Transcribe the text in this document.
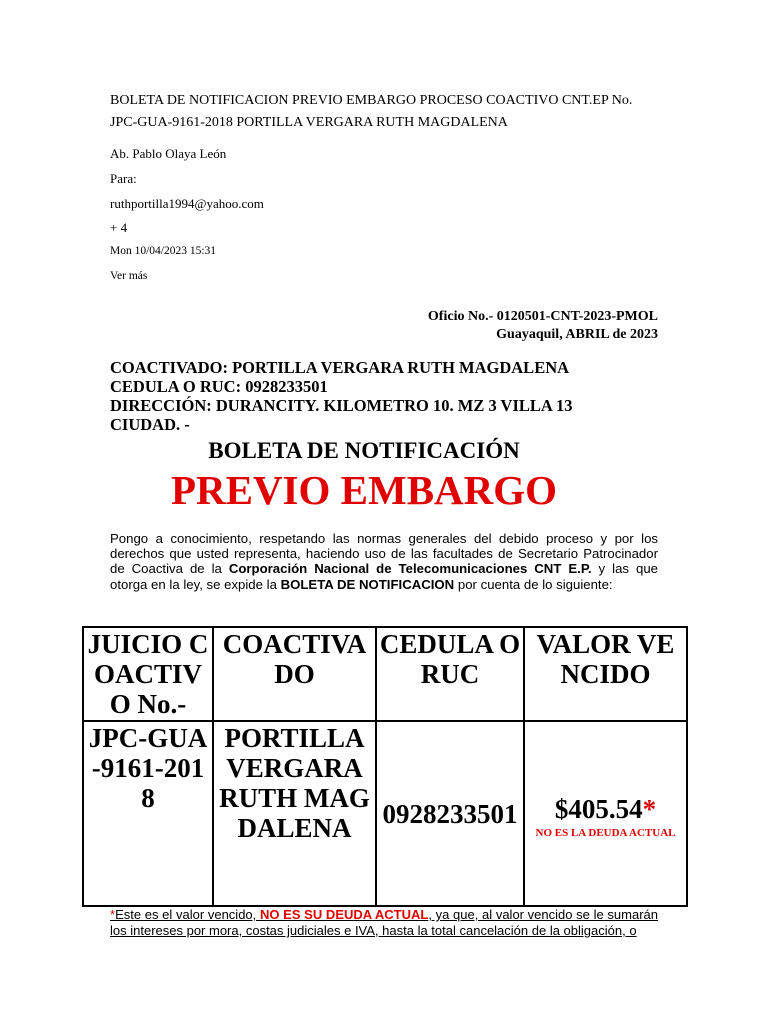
BOLETA DE NOTIFICACION PREVIO EMBARGO PROCESO COACTIVO CNT.EP No.
JPC-GUA-9161-2018 PORTILLA VERGARA RUTH MAGDALENA
Ab. Pablo Olaya León
Para:
ruthportilla1994@yahoo.com
+ 4
Mon 10/04/2023 15:31
Ver más
Oficio No.- 0120501-CNT-2023-PMOL
Guayaquil, ABRIL de 2023
COACTIVADO: PORTILLA VERGARA RUTH MAGDALENA
CEDULA O RUC: 0928233501
DIRECCIÓN: DURANCITY. KILOMETRO 10. MZ 3 VILLA 13
CIUDAD. -
BOLETA DE NOTIFICACIÓN
PREVIO EMBARGO
Pongo a conocimiento, respetando las normas generales del debido proceso y por los derechos que usted representa, haciendo uso de las facultades de Secretario Patrocinador de Coactiva de la Corporación Nacional de Telecomunicaciones CNT E.P. y las que otorga en la ley, se expide la BOLETA DE NOTIFICACION por cuenta de lo siguiente:
JUICIO COACTIVO No.-	COACTIVADO	CEDULA O RUC	VALOR VENCIDO
JPC-GUA-9161-2018	PORTILLA VERGARA RUTH MAGDALENA	0928233501	$405.54*
NO ES LA DEUDA ACTUAL
*Este es el valor vencido, NO ES SU DEUDA ACTUAL, ya que, al valor vencido se le sumarán los intereses por mora, costas judiciales e IVA, hasta la total cancelación de la obligación, o
